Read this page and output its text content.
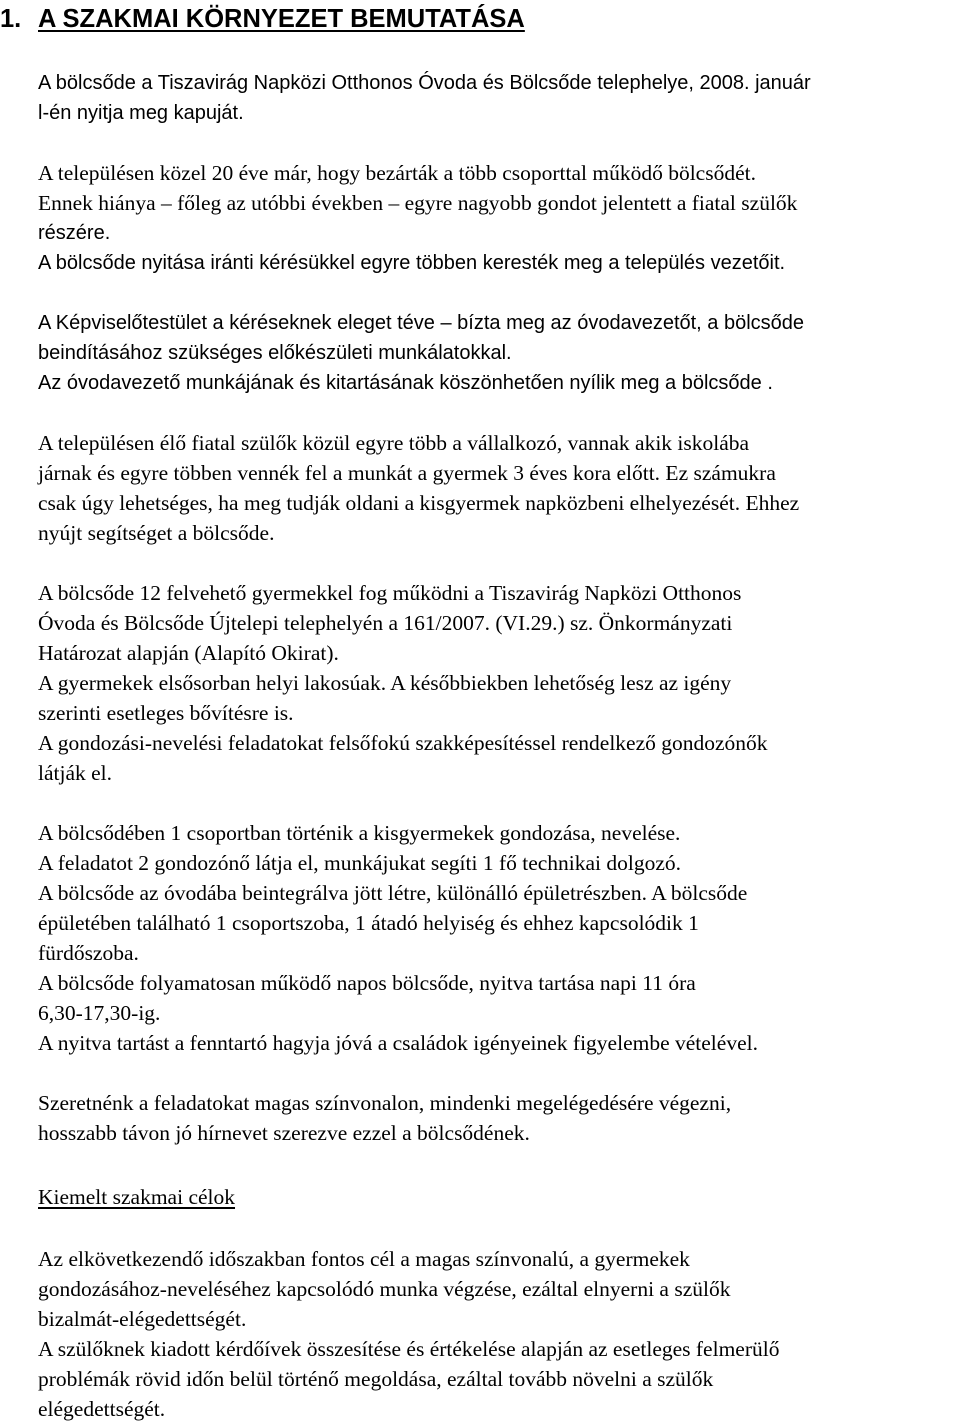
1. A SZAKMAI KÖRNYEZET BEMUTATÁSA
A bölcsőde a Tiszavirág Napközi Otthonos Óvoda és Bölcsőde telephelye, 2008. január
l-én nyitja meg kapuját.
A településen közel 20 éve már, hogy bezárták a több csoporttal működő bölcsődét.
Ennek hiánya – főleg az utóbbi években – egyre nagyobb gondot jelentett a fiatal szülők
részére.
A bölcsőde nyitása iránti kérésükkel egyre többen keresték meg a település vezetőit.
A Képviselőtestület a kéréseknek eleget téve – bízta meg az óvodavezetőt, a bölcsőde
beindításához szükséges előkészületi munkálatokkal.
Az óvodavezető munkájának és kitartásának köszönhetően nyílik meg a bölcsőde .
A településen élő fiatal szülők közül egyre több a vállalkozó, vannak akik iskolába
járnak és egyre többen vennék fel a munkát a gyermek 3 éves kora előtt. Ez számukra
csak úgy lehetséges, ha meg tudják oldani a kisgyermek napközbeni elhelyezését. Ehhez
nyújt segítséget a bölcsőde.
A bölcsőde 12 felvehető gyermekkel fog működni a Tiszavirág Napközi Otthonos
Óvoda és Bölcsőde Újtelepi telephelyén a 161/2007. (VI.29.) sz. Önkormányzati
Határozat alapján (Alapító Okirat).
A gyermekek elsősorban helyi lakosúak. A későbbiekben lehetőség lesz az igény
szerinti esetleges bővítésre is.
A gondozási-nevelési feladatokat felsőfokú szakképesítéssel rendelkező gondozónők
látják el.
A bölcsődében 1 csoportban történik a kisgyermekek gondozása, nevelése.
A feladatot 2 gondozónő látja el, munkájukat segíti 1 fő technikai dolgozó.
A bölcsőde az óvodába beintegrálva jött létre, különálló épületrészben. A bölcsőde
épületében található 1 csoportszoba, 1 átadó helyiség és ehhez kapcsolódik 1
fürdőszoba.
A bölcsőde folyamatosan működő napos bölcsőde, nyitva tartása napi 11 óra
6,30-17,30-ig.
A nyitva tartást a fenntartó hagyja jóvá a családok igényeinek figyelembe vételével.
Szeretnénk a feladatokat magas színvonalon, mindenki megelégedésére végezni,
hosszabb távon jó hírnevet szerezve ezzel a bölcsődének.
Kiemelt szakmai célok
Az elkövetkezendő időszakban fontos cél a magas színvonalú, a gyermekek
gondozásához-neveléséhez kapcsolódó munka végzése, ezáltal elnyerni a szülők
bizalmát-elégedettségét.
A szülőknek kiadott kérdőívek összesítése és értékelése alapján az esetleges felmerülő
problémák rövid időn belül történő megoldása, ezáltal tovább növelni a szülők
elégedettségét.
